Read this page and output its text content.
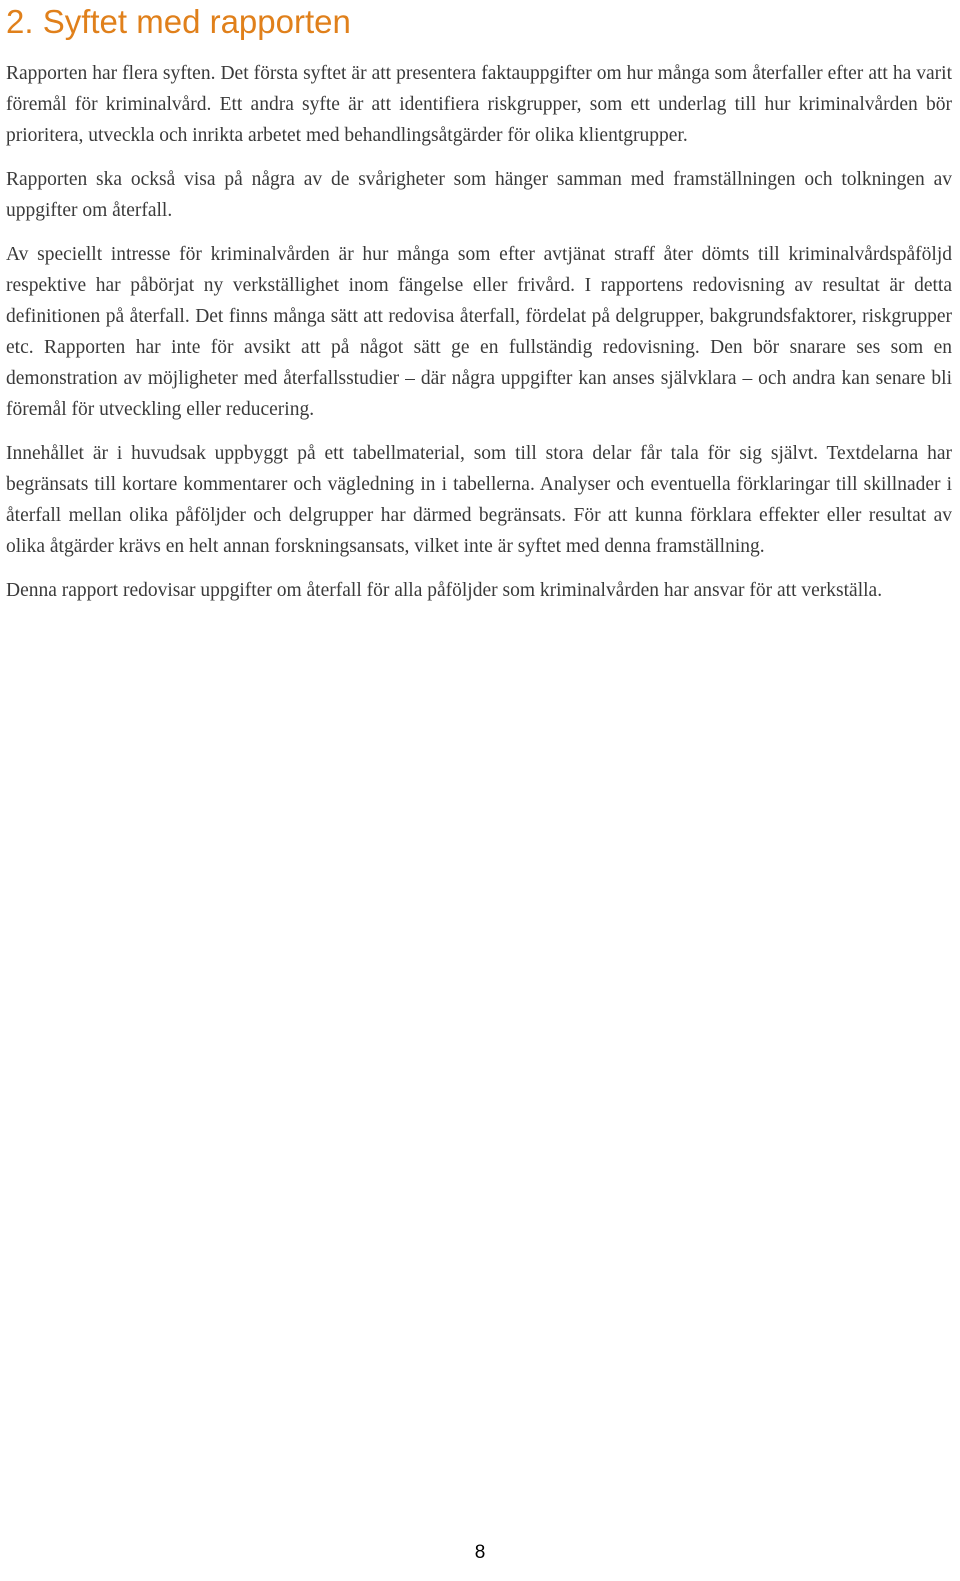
2. Syftet med rapporten

Rapporten har flera syften. Det första syftet är att presentera faktauppgifter om hur många som återfaller efter att ha varit föremål för kriminalvård. Ett andra syfte är att identifiera riskgrupper, som ett underlag till hur kriminalvården bör prioritera, utveckla och inrikta arbetet med behandlingsåtgärder för olika klientgrupper.

Rapporten ska också visa på några av de svårigheter som hänger samman med framställningen och tolkningen av uppgifter om återfall.

Av speciellt intresse för kriminalvården är hur många som efter avtjänat straff åter dömts till kriminalvårdspåföljd respektive har påbörjat ny verkställighet inom fängelse eller frivård. I rapportens redovisning av resultat är detta definitionen på återfall. Det finns många sätt att redovisa återfall, fördelat på delgrupper, bakgrundsfaktorer, riskgrupper etc. Rapporten har inte för avsikt att på något sätt ge en fullständig redovisning. Den bör snarare ses som en demonstration av möjligheter med återfallsstudier – där några uppgifter kan anses självklara – och andra kan senare bli föremål för utveckling eller reducering.

Innehållet är i huvudsak uppbyggt på ett tabellmaterial, som till stora delar får tala för sig självt. Textdelarna har begränsats till kortare kommentarer och vägledning in i tabellerna. Analyser och eventuella förklaringar till skillnader i återfall mellan olika påföljder och delgrupper har därmed begränsats. För att kunna förklara effekter eller resultat av olika åtgärder krävs en helt annan forskningsansats, vilket inte är syftet med denna framställning.

Denna rapport redovisar uppgifter om återfall för alla påföljder som kriminalvården har ansvar för att verkställa.

8
